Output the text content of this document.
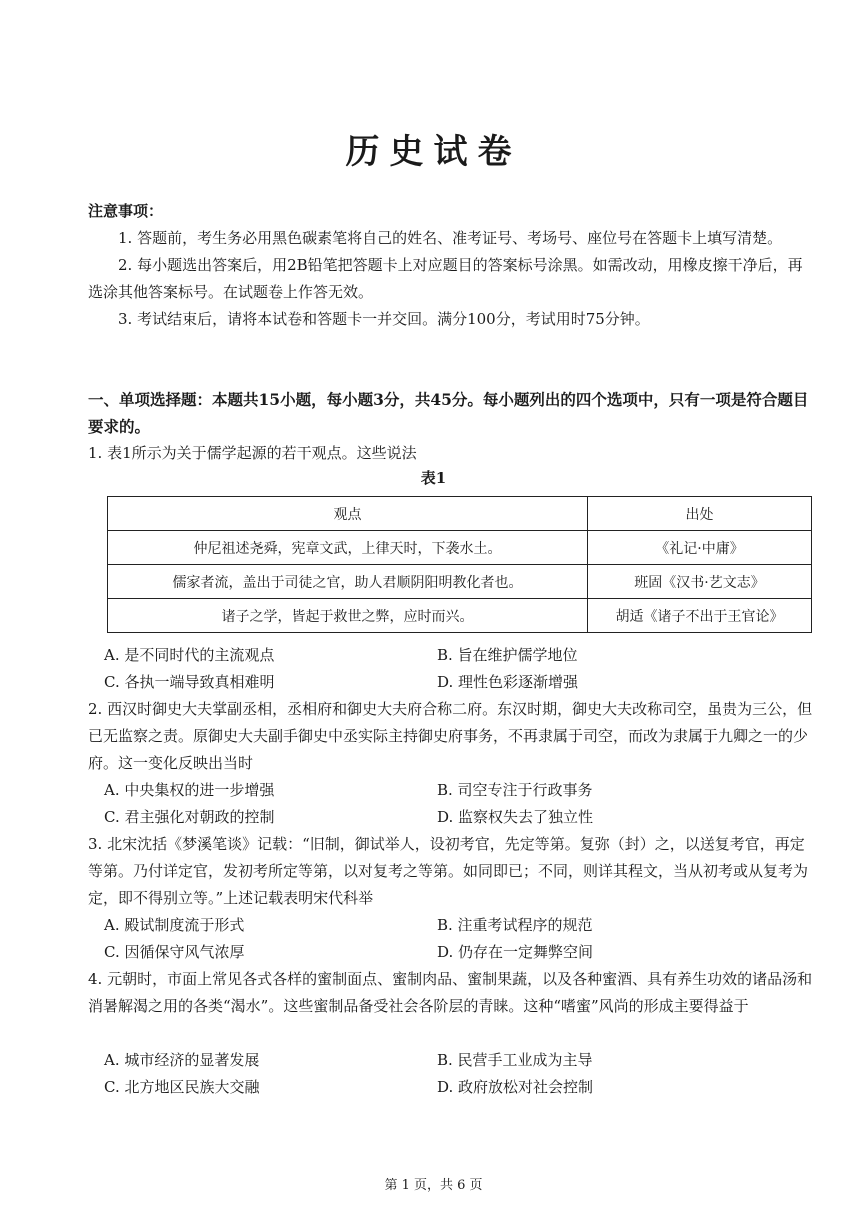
历史试卷
注意事项：

1. 答题前，考生务必用黑色碳素笔将自己的姓名、准考证号、考场号、座位号在答题卡上填写清楚。

2. 每小题选出答案后，用2B铅笔把答题卡上对应题目的答案标号涂黑。如需改动，用橡皮擦干净后，再选涂其他答案标号。在试题卷上作答无效。

3. 考试结束后，请将本试卷和答题卡一并交回。满分100分，考试用时75分钟。

一、单项选择题：本题共15小题，每小题3分，共45分。每小题列出的四个选项中，只有一项是符合题目要求的。
1. 表1所示为关于儒学起源的若干观点。这些说法
表1
观点	出处
仲尼祖述尧舜，宪章文武，上律天时，下袭水土。	《礼记·中庸》
儒家者流，盖出于司徒之官，助人君顺阴阳明教化者也。	班固《汉书·艺文志》
诸子之学，皆起于救世之弊，应时而兴。	胡适《诸子不出于王官论》
A. 是不同时代的主流观点	B. 旨在维护儒学地位
C. 各执一端导致真相难明	D. 理性色彩逐渐增强

2. 西汉时御史大夫掌副丞相，丞相府和御史大夫府合称二府。东汉时期，御史大夫改称司空，虽贵为三公，但已无监察之责。原御史大夫副手御史中丞实际主持御史府事务，不再隶属于司空，而改为隶属于九卿之一的少府。这一变化反映出当时

A. 中央集权的进一步增强	B. 司空专注于行政事务
C. 君主强化对朝政的控制	D. 监察权失去了独立性

3. 北宋沈括《梦溪笔谈》记载：“旧制，御试举人，设初考官，先定等第。复弥（封）之，以送复考官，再定等第。乃付详定官，发初考所定等第，以对复考之等第。如同即已；不同，则详其程文，当从初考或从复考为定，即不得别立等。”上述记载表明宋代科举

A. 殿试制度流于形式	B. 注重考试程序的规范
C. 因循保守风气浓厚	D. 仍存在一定舞弊空间

4. 元朝时，市面上常见各式各样的蜜制面点、蜜制肉品、蜜制果蔬，以及各种蜜酒、具有养生功效的诸品汤和消暑解渴之用的各类“渴水”。这些蜜制品备受社会各阶层的青睐。这种“嗜蜜”风尚的形成主要得益于

A. 城市经济的显著发展	B. 民营手工业成为主导
C. 北方地区民族大交融	D. 政府放松对社会控制
第 1 页，共 6 页
